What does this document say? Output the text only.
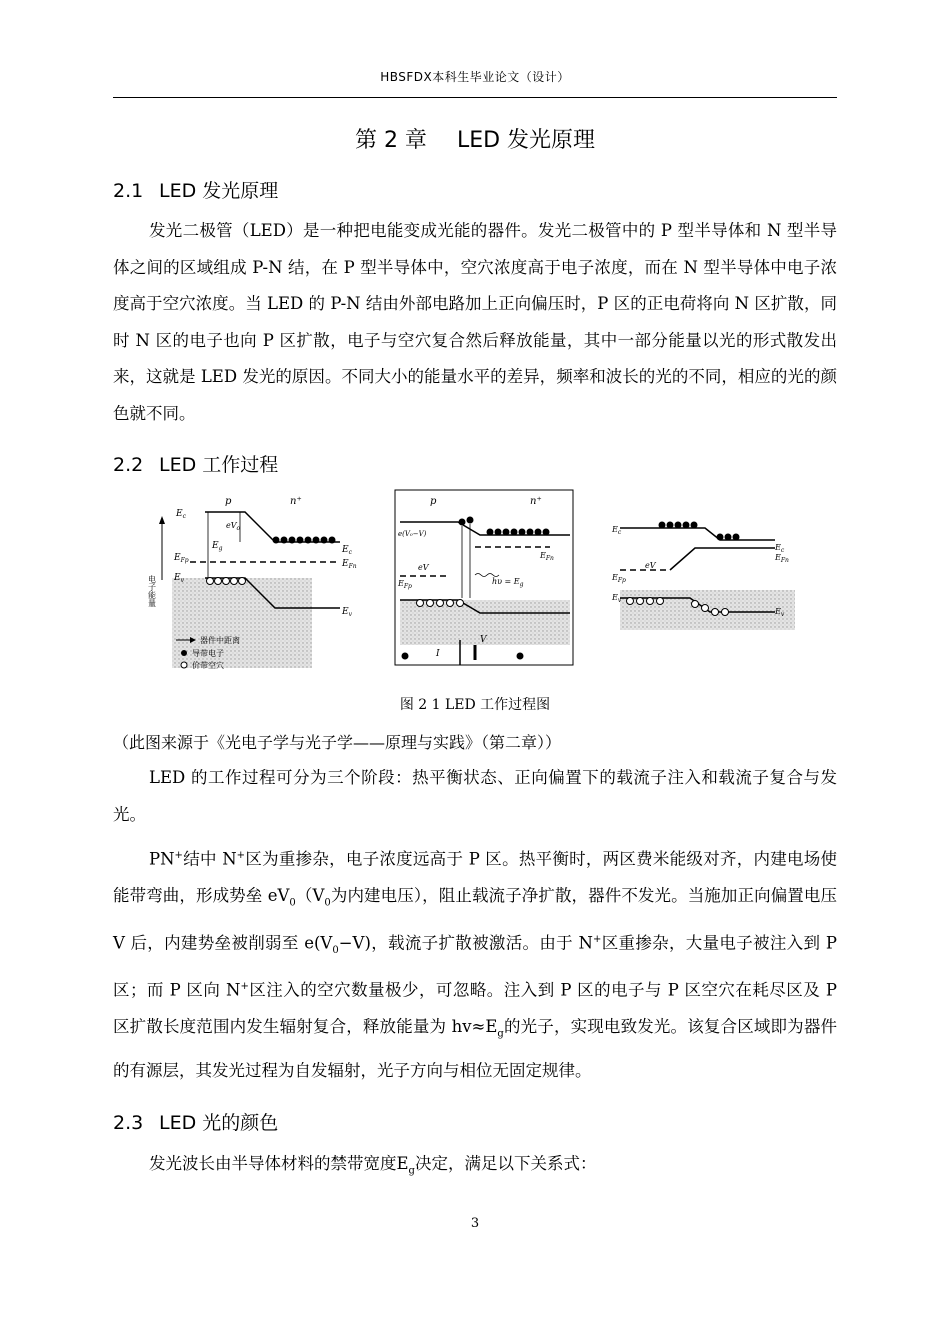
HBSFDX本科生毕业论文（设计）
第 2 章 LED 发光原理
2.1 LED 发光原理
发光二极管（LED）是一种把电能变成光能的器件。发光二极管中的 P 型半导体和 N 型半导体之间的区域组成 P-N 结，在 P 型半导体中，空穴浓度高于电子浓度，而在 N 型半导体中电子浓度高于空穴浓度。当 LED 的 P-N 结由外部电路加上正向偏压时，P 区的正电荷将向 N 区扩散，同时 N 区的电子也向 P 区扩散，电子与空穴复合然后释放能量，其中一部分能量以光的形式散发出来，这就是 LED 发光的原因。不同大小的能量水平的差异，频率和波长的光的不同，相应的光的颜色就不同。
2.2 LED 工作过程
电子能量
p	n⁺
$E_c$
$E_c$
$E_{Fp}$	$E_{Fn}$
$E_v$
$E_v$
$E_g$
$eV_o$
器件中距离
导带电子
价带空穴
e(V₀−V)
eV
$h\upsilon = E_g$
$E_{Fp}$
$E_{Fn}$
p	n⁺
I
V
$E_c$
$E_c$
$E_{Fn}$
$E_{Fp}$
$E_v$
$E_v$
eV
图 2 1 LED 工作过程图
（此图来源于《光电子学与光子学——原理与实践》（第二章））
LED 的工作过程可分为三个阶段：热平衡状态、正向偏置下的载流子注入和载流子复合与发光。
PN+结中 N+区为重掺杂，电子浓度远高于 P 区。热平衡时，两区费米能级对齐，内建电场使能带弯曲，形成势垒 $eV_0(V_0$为内建电压），阻止载流子净扩散，器件不发光。当施加正向偏置电压 V 后，内建势垒被削弱至 $e(V_0-V)$，载流子扩散被激活。由于 N+区重掺杂，大量电子被注入到 P 区；而 P 区向 N+区注入的空穴数量极少，可忽略。注入到 P 区的电子与 P 区空穴在耗尽区及 P 区扩散长度范围内发生辐射复合，释放能量为 $hv\approx E_g$的光子，实现电致发光。该复合区域即为器件的有源层，其发光过程为自发辐射，光子方向与相位无固定规律。
2.3 LED 光的颜色
发光波长由半导体材料的禁带宽度$E_g$决定，满足以下关系式：
3
